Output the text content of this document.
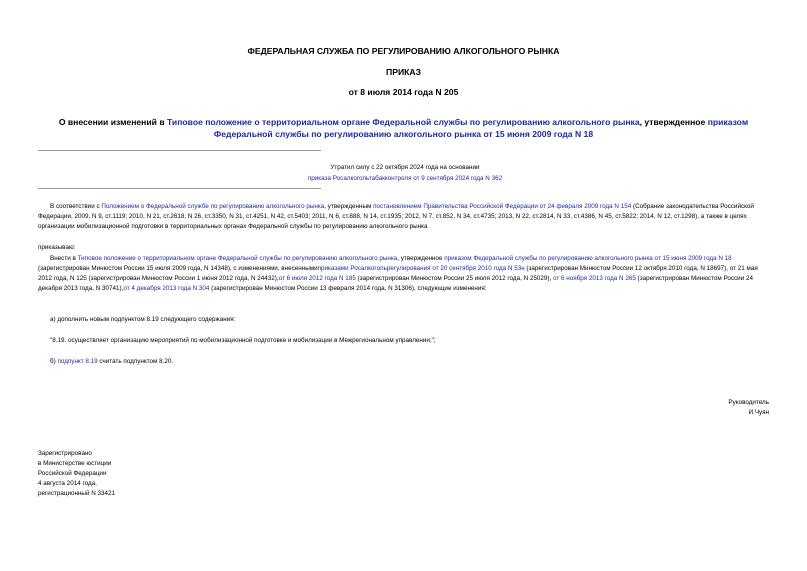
ФЕДЕРАЛЬНАЯ СЛУЖБА ПО РЕГУЛИРОВАНИЮ АЛКОГОЛЬНОГО РЫНКА
ПРИКАЗ
от 8 июля 2014 года N 205
О внесении изменений в Типовое положение о территориальном органе Федеральной службы по регулированию алкогольного рынка, утвержденное приказом Федеральной службы по регулированию алкогольного рынка от 15 июня 2009 года N 18
Утратил силу с 22 октября 2024 года на основании
приказа Росалкогольтабакконтроля от 9 сентября 2024 года N 362
В соответствии с Положением о Федеральной службе по регулированию алкогольного рынка, утвержденным постановлением Правительства Российской Федерации от 24 февраля 2009 года N 154 (Собрание законодательства Российской Федерации, 2009, N 9, ст.1119; 2010, N 21, ст.2618, N 26, ст.3350, N 31, ст.4251, N 42, ст.5403; 2011, N 6, ст.888, N 14, ст.1935; 2012, N 7, ст.852, N 34, ст.4735; 2013, N 22, ст.2814, N 33, ст.4386, N 45, ст.5822; 2014, N 12, ст.1298), а также в целях организации мобилизационной подготовки в территориальных органах Федеральной службы по регулированию алкогольного рынка
приказываю:
Внести в Типовое положение о территориальном органе Федеральной службы по регулированию алкогольного рынка, утвержденное приказом Федеральной службы по регулированию алкогольного рынка от 15 июня 2009 года N 18 (зарегистрирован Минюстом России 15 июля 2009 года, N 14348), с изменениями, внесеннымиприказами Росалкогольрегулирования от 20 сентября 2010 года N 53н (зарегистрирован Минюстом России 12 октября 2010 года, N 18697), от 21 мая 2012 года, N 125 (зарегистрирован Минюстом России 1 июня 2012 года, N 24432),от 6 июля 2012 года N 185 (зарегистрирован Минюстом России 25 июля 2012 года, N 25029), от 6 ноября 2013 года N 265 (зарегистрирован Минюстом России 24 декабря 2013 года, N 30741),от 4 декабря 2013 года N 304 (зарегистрирован Минюстом России 13 февраля 2014 года, N 31306), следующие изменения:
а) дополнить новым подпунктом 8.19 следующего содержания:
"8.19. осуществляет организацию мероприятий по мобилизационной подготовке и мобилизации в Межрегиональном управлении;";
б) подпункт 8.19 считать подпунктом 8.20.
Руководитель
И.Чуян
Зарегистрировано
в Министерстве юстиции
Российской Федерации
4 августа 2014 года,
регистрационный N 33421
